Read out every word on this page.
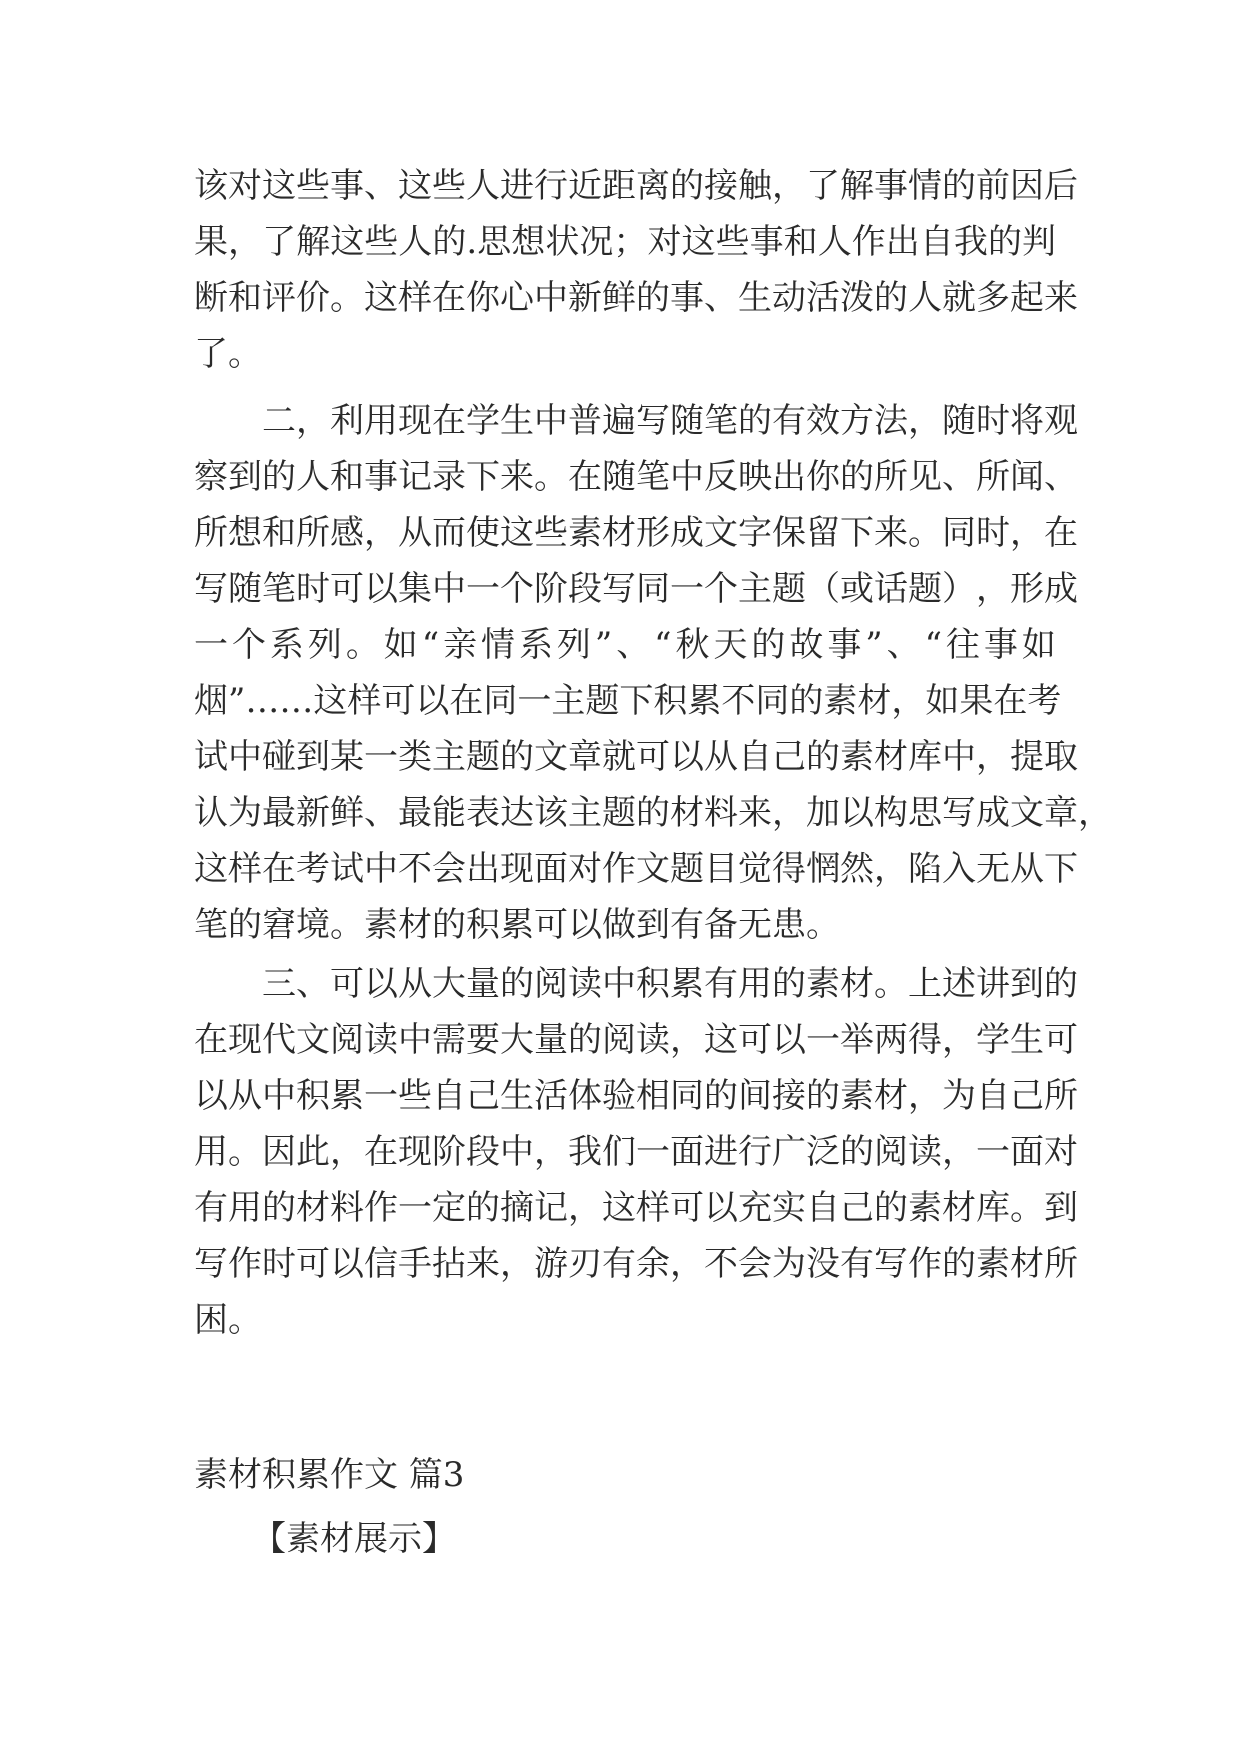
该 对 这 些 事 、 这 些 人 进 行 近 距 离 的 接 触 ， 了 解 事 情 的 前 因 后
果 ， 了 解 这 些 人 的 . 思 想 状 况 ； 对 这 些 事 和 人 作 出 自 我 的 判
断 和 评 价 。 这 样 在 你 心 中 新 鲜 的 事 、 生 动 活 泼 的 人 就 多 起 来
了。
二 ， 利 用 现 在 学 生 中 普 遍 写 随 笔 的 有 效 方 法 ， 随 时 将 观
察 到 的 人 和 事 记 录 下 来 。 在 随 笔 中 反 映 出 你 的 所 见 、 所 闻 、
所 想 和 所 感 ， 从 而 使 这 些 素 材 形 成 文 字 保 留 下 来 。 同 时 ， 在
写 随 笔 时 可 以 集 中 一 个 阶 段 写 同 一 个 主 题 （ 或 话 题 ） ， 形 成
一 个 系 列 。 如 “ 亲 情 系 列 ” 、 “ 秋 天 的 故 事 ” 、 “ 往 事 如
烟 ” … … 这 样 可 以 在 同 一 主 题 下 积 累 不 同 的 素 材 ， 如 果 在 考
试 中 碰 到 某 一 类 主 题 的 文 章 就 可 以 从 自 己 的 素 材 库 中 ， 提 取
认 为 最 新 鲜 、 最 能 表 达 该 主 题 的 材 料 来 ， 加 以 构 思 写 成 文 章 ，
这 样 在 考 试 中 不 会 出 现 面 对 作 文 题 目 觉 得 惘 然 ， 陷 入 无 从 下
笔的窘境。素材的积累可以做到有备无患。
三 、 可 以 从 大 量 的 阅 读 中 积 累 有 用 的 素 材 。 上 述 讲 到 的
在 现 代 文 阅 读 中 需 要 大 量 的 阅 读 ， 这 可 以 一 举 两 得 ， 学 生 可
以 从 中 积 累 一 些 自 己 生 活 体 验 相 同 的 间 接 的 素 材 ， 为 自 己 所
用 。 因 此 ， 在 现 阶 段 中 ， 我 们 一 面 进 行 广 泛 的 阅 读 ， 一 面 对
有 用 的 材 料 作 一 定 的 摘 记 ， 这 样 可 以 充 实 自 己 的 素 材 库 。 到
写 作 时 可 以 信 手 拈 来 ， 游 刃 有 余 ， 不 会 为 没 有 写 作 的 素 材 所
困。
素材积累作文 篇3
【素材展示】
